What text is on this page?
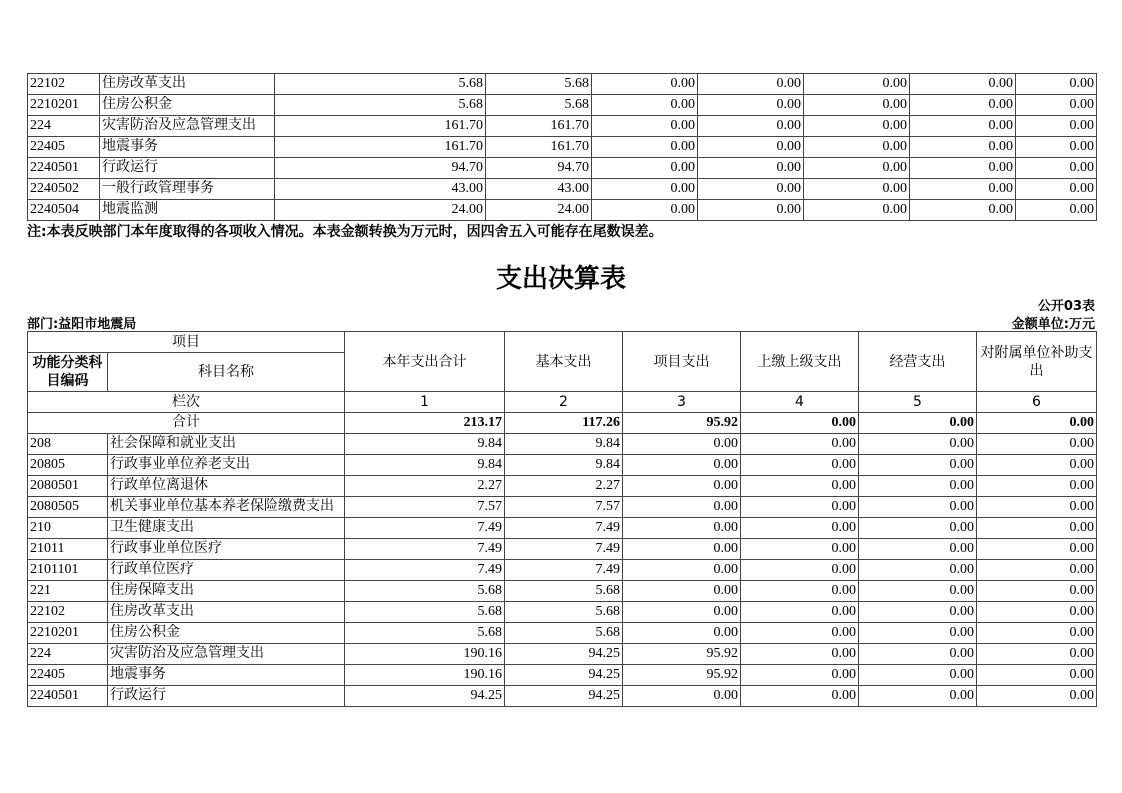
22102	住房改革支出	5.68	5.68	0.00	0.00	0.00	0.00	0.00
2210201	住房公积金	5.68	5.68	0.00	0.00	0.00	0.00	0.00
224	灾害防治及应急管理支出	161.70	161.70	0.00	0.00	0.00	0.00	0.00
22405	地震事务	161.70	161.70	0.00	0.00	0.00	0.00	0.00
2240501	行政运行	94.70	94.70	0.00	0.00	0.00	0.00	0.00
2240502	一般行政管理事务	43.00	43.00	0.00	0.00	0.00	0.00	0.00
2240504	地震监测	24.00	24.00	0.00	0.00	0.00	0.00	0.00
注:本表反映部门本年度取得的各项收入情况。本表金额转换为万元时，因四舍五入可能存在尾数误差。
支出决算表
公开03表
部门:益阳市地震局	金额单位:万元
项目		本年支出合计	基本支出	项目支出	上缴上级支出	经营支出	对附属单位补助支出
功能分类科目编码	科目名称						
栏次		1	2	3	4	5	6
合计		213.17	117.26	95.92	0.00	0.00	0.00
208	社会保障和就业支出	9.84	9.84	0.00	0.00	0.00	0.00
20805	行政事业单位养老支出	9.84	9.84	0.00	0.00	0.00	0.00
2080501	行政单位离退休	2.27	2.27	0.00	0.00	0.00	0.00
2080505	机关事业单位基本养老保险缴费支出	7.57	7.57	0.00	0.00	0.00	0.00
210	卫生健康支出	7.49	7.49	0.00	0.00	0.00	0.00
21011	行政事业单位医疗	7.49	7.49	0.00	0.00	0.00	0.00
2101101	行政单位医疗	7.49	7.49	0.00	0.00	0.00	0.00
221	住房保障支出	5.68	5.68	0.00	0.00	0.00	0.00
22102	住房改革支出	5.68	5.68	0.00	0.00	0.00	0.00
2210201	住房公积金	5.68	5.68	0.00	0.00	0.00	0.00
224	灾害防治及应急管理支出	190.16	94.25	95.92	0.00	0.00	0.00
22405	地震事务	190.16	94.25	95.92	0.00	0.00	0.00
2240501	行政运行	94.25	94.25	0.00	0.00	0.00	0.00
